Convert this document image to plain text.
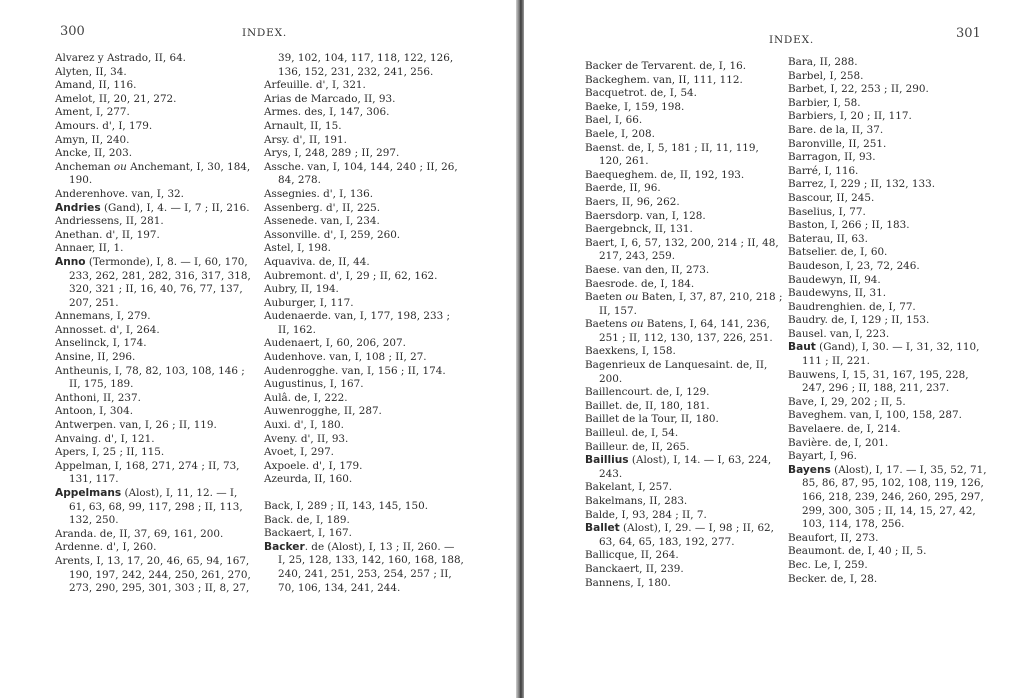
300	INDEX.
Alvarez y Astrado, II, 64.
Alyten, II, 34.
Amand, II, 116.
Amelot, II, 20, 21, 272.
Ament, I, 277.
Amours. d', I, 179.
Amyn, II, 240.
Ancke, II, 203.
Ancheman ou Anchemant, I, 30, 184, 190.
Anderenhove. van, I, 32.
Andries (Gand), I, 4. — I, 7 ; II, 216.
Andriessens, II, 281.
Anethan. d', II, 197.
Annaer, II, 1.
Anno (Termonde), I, 8. — I, 60, 170, 233, 262, 281, 282, 316, 317, 318, 320, 321 ; II, 16, 40, 76, 77, 137, 207, 251.
Annemans, I, 279.
Annosset. d', I, 264.
Anselinck, I, 174.
Ansine, II, 296.
Antheunis, I, 78, 82, 103, 108, 146 ; II, 175, 189.
Anthoni, II, 237.
Antoon, I, 304.
Antwerpen. van, I, 26 ; II, 119.
Anvaing. d', I, 121.
Apers, I, 25 ; II, 115.
Appelman, I, 168, 271, 274 ; II, 73, 131, 117.
Appelmans (Alost), I, 11, 12. — I, 61, 63, 68, 99, 117, 298 ; II, 113, 132, 250.
Aranda. de, II, 37, 69, 161, 200.
Ardenne. d', I, 260.
Arents, I, 13, 17, 20, 46, 65, 94, 167, 190, 197, 242, 244, 250, 261, 270, 273, 290, 295, 301, 303 ; II, 8, 27,
39, 102, 104, 117, 118, 122, 126, 136, 152, 231, 232, 241, 256.
Arfeuille. d', I, 321.
Arias de Marcado, II, 93.
Armes. des, I, 147, 306.
Arnault, II, 15.
Arsy. d', II, 191.
Arys, I, 248, 289 ; II, 297.
Assche. van, I, 104, 144, 240 ; II, 26, 84, 278.
Assegnies. d', I, 136.
Assenberg. d', II, 225.
Assenede. van, I, 234.
Assonville. d', I, 259, 260.
Astel, I, 198.
Aquaviva. de, II, 44.
Aubremont. d', I, 29 ; II, 62, 162.
Aubry, II, 194.
Auburger, I, 117.
Audenaerde. van, I, 177, 198, 233 ; II, 162.
Audenaert, I, 60, 206, 207.
Audenhove. van, I, 108 ; II, 27.
Audenrogghe. van, I, 156 ; II, 174.
Augustinus, I, 167.
Aulâ. de, I, 222.
Auwenrogghe, II, 287.
Auxi. d', I, 180.
Aveny. d', II, 93.
Avoet, I, 297.
Axpoele. d', I, 179.
Azeurda, II, 160.
Back, I, 289 ; II, 143, 145, 150.
Back. de, I, 189.
Backaert, I, 167.
Backer. de (Alost), I, 13 ; II, 260. — I, 25, 128, 133, 142, 160, 168, 188, 240, 241, 251, 253, 254, 257 ; II, 70, 106, 134, 241, 244.
301
INDEX.
Backer de Tervarent. de, I, 16.
Backeghem. van, II, 111, 112.
Bacquetrot. de, I, 54.
Baeke, I, 159, 198.
Bael, I, 66.
Baele, I, 208.
Baenst. de, I, 5, 181 ; II, 11, 119, 120, 261.
Baequeghem. de, II, 192, 193.
Baerde, II, 96.
Baers, II, 96, 262.
Baersdorp. van, I, 128.
Baergebnck, II, 131.
Baert, I, 6, 57, 132, 200, 214 ; II, 48, 217, 243, 259.
Baese. van den, II, 273.
Baesrode. de, I, 184.
Baeten ou Baten, I, 37, 87, 210, 218 ; II, 157.
Baetens ou Batens, I, 64, 141, 236, 251 ; II, 112, 130, 137, 226, 251.
Baexkens, I, 158.
Bagenrieux de Lanquesaint. de, II, 200.
Baillencourt. de, I, 129.
Baillet. de, II, 180, 181.
Baillet de la Tour, II, 180.
Bailleul. de, I, 54.
Bailleur. de, II, 265.
Baillius (Alost), I, 14. — I, 63, 224, 243.
Bakelant, I, 257.
Bakelmans, II, 283.
Balde, I, 93, 284 ; II, 7.
Ballet (Alost), I, 29. — I, 98 ; II, 62, 63, 64, 65, 183, 192, 277.
Ballicque, II, 264.
Banckaert, II, 239.
Bannens, I, 180.
Bara, II, 288.
Barbel, I, 258.
Barbet, I, 22, 253 ; II, 290.
Barbier, I, 58.
Barbiers, I, 20 ; II, 117.
Bare. de la, II, 37.
Baronville, II, 251.
Barragon, II, 93.
Barré, I, 116.
Barrez, I, 229 ; II, 132, 133.
Bascour, II, 245.
Baselius, I, 77.
Baston, I, 266 ; II, 183.
Baterau, II, 63.
Batselier. de, I, 60.
Baudeson, I, 23, 72, 246.
Baudewyn, II, 94.
Baudewyns, II, 31.
Baudrenghien. de, I, 77.
Baudry. de, I, 129 ; II, 153.
Bausel. van, I, 223.
Baut (Gand), I, 30. — I, 31, 32, 110, 111 ; II, 221.
Bauwens, I, 15, 31, 167, 195, 228, 247, 296 ; II, 188, 211, 237.
Bave, I, 29, 202 ; II, 5.
Baveghem. van, I, 100, 158, 287.
Bavelaere. de, I, 214.
Bavière. de, I, 201.
Bayart, I, 96.
Bayens (Alost), I, 17. — I, 35, 52, 71, 85, 86, 87, 95, 102, 108, 119, 126, 166, 218, 239, 246, 260, 295, 297, 299, 300, 305 ; II, 14, 15, 27, 42, 103, 114, 178, 256.
Beaufort, II, 273.
Beaumont. de, I, 40 ; II, 5.
Bec. Le, I, 259.
Becker. de, I, 28.
